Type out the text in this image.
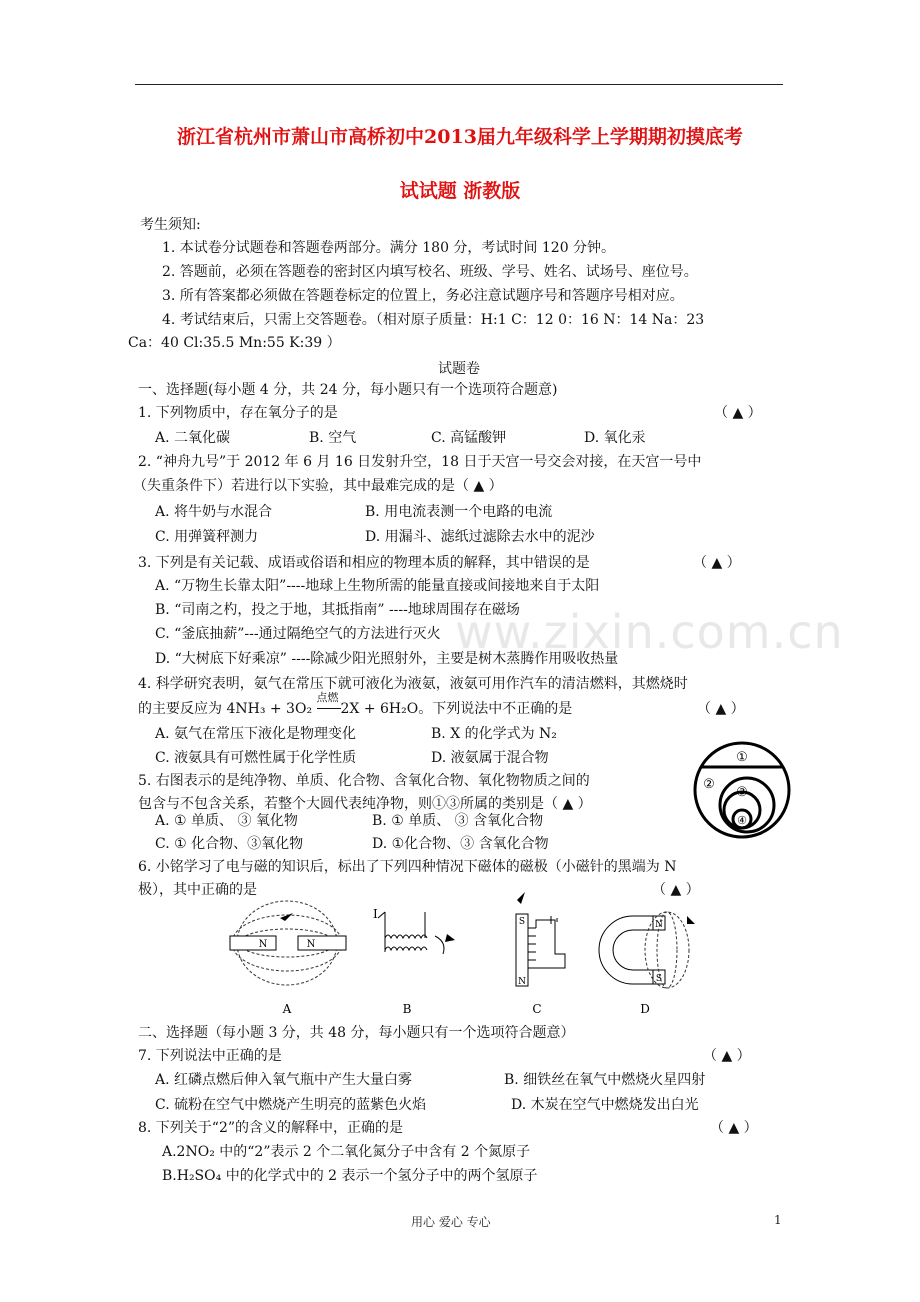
浙江省杭州市萧山市高桥初中2013届九年级科学上学期期初摸底考
试试题 浙教版
ww.zixin.com.cn
考生须知:
1. 本试卷分试题卷和答题卷两部分。满分 180 分，考试时间 120 分钟。
2. 答题前，必须在答题卷的密封区内填写校名、班级、学号、姓名、试场号、座位号。
3. 所有答案都必须做在答题卷标定的位置上，务必注意试题序号和答题序号相对应。
4. 考试结束后，只需上交答题卷。（相对原子质量：H:1 C：12 0：16 N：14 Na：23
Ca：40 Cl:35.5 Mn:55 K:39 ）
试题卷
一、选择题(每小题 4 分，共 24 分，每小题只有一个选项符合题意)
1. 下列物质中，存在氧分子的是	（ ▲ ）
A. 二氧化碳	B. 空气	C. 高锰酸钾	D. 氧化汞
2. “神舟九号”于 2012 年 6 月 16 日发射升空，18 日于天宫一号交会对接，在天宫一号中
（失重条件下）若进行以下实验，其中最难完成的是（ ▲ ）
A. 将牛奶与水混合	B. 用电流表测一个电路的电流
C. 用弹簧秤测力	D. 用漏斗、滤纸过滤除去水中的泥沙
3. 下列是有关记载、成语或俗语和相应的物理本质的解释，其中错误的是	（ ▲ ）
A. “万物生长靠太阳”----地球上生物所需的能量直接或间接地来自于太阳
B. “司南之杓，投之于地，其抵指南” ----地球周围存在磁场
C. “釜底抽薪”---通过隔绝空气的方法进行灭火
D. “大树底下好乘凉” ----除减少阳光照射外，主要是树木蒸腾作用吸收热量
4. 科学研究表明，氨气在常压下就可液化为液氨，液氨可用作汽车的清洁燃料，其燃烧时
的主要反应为 4NH₃ + 3O₂
点燃
2X + 6H₂O。下列说法中不正确的是	（ ▲ ）
A. 氨气在常压下液化是物理变化	B. X 的化学式为 N₂
C. 液氨具有可燃性属于化学性质	D. 液氨属于混合物
5. 右图表示的是纯净物、单质、化合物、含氧化合物、氧化物物质之间的
包含与不包含关系，若整个大圆代表纯净物，则①③所属的类别是（ ▲ ）
A. ① 单质、 ③ 氧化物	B. ① 单质、 ③ 含氧化合物
C. ① 化合物、③氧化物	D. ①化合物、③ 含氧化合物
①
②
③
④
6. 小铭学习了电与磁的知识后，标出了下列四种情况下磁体的磁极（小磁针的黑端为 N
极），其中正确的是	（ ▲ ）
N	N
A
I
B
S
N
C
N
S
D
二、选择题（每小题 3 分，共 48 分，每小题只有一个选项符合题意）
7. 下列说法中正确的是	（ ▲ ）
A. 红磷点燃后伸入氧气瓶中产生大量白雾	B. 细铁丝在氧气中燃烧火星四射
C. 硫粉在空气中燃烧产生明亮的蓝紫色火焰	D. 木炭在空气中燃烧发出白光
8. 下列关于“2”的含义的解释中，正确的是	（ ▲ ）
A.2NO₂ 中的“2”表示 2 个二氧化氮分子中含有 2 个氮原子
B.H₂SO₄ 中的化学式中的 2 表示一个氢分子中的两个氢原子
用心 爱心 专心	1
